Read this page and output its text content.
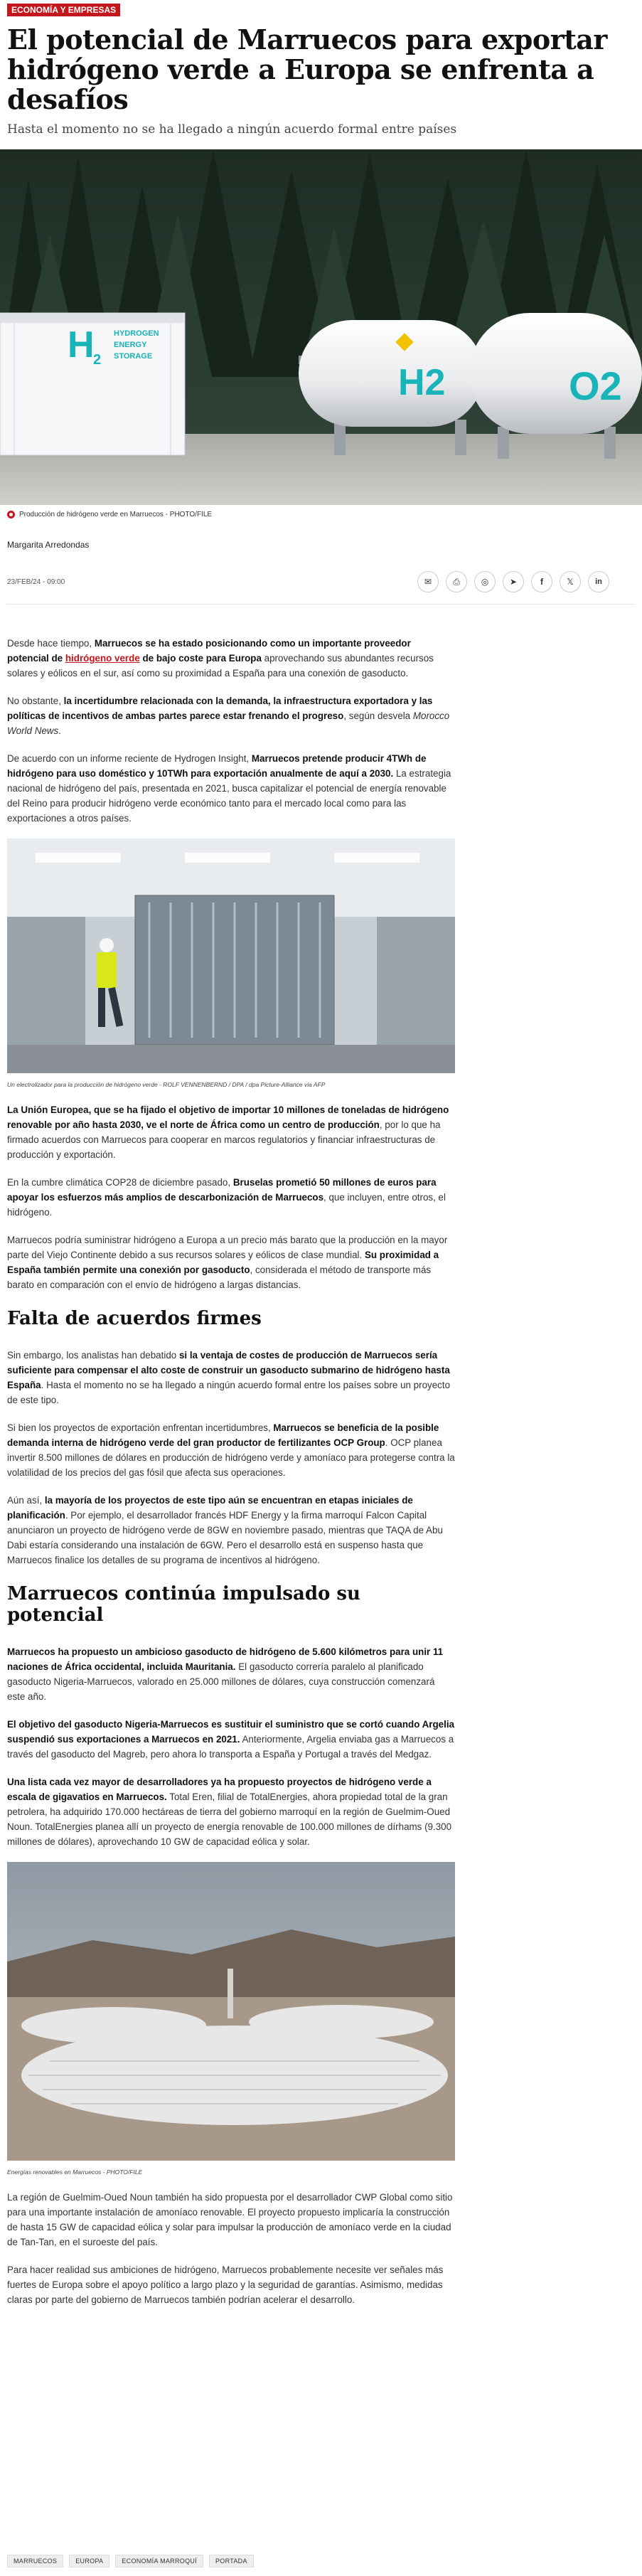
ECONOMÍA Y EMPRESAS
El potencial de Marruecos para exportar hidrógeno verde a Europa se enfrenta a desafíos

Hasta el momento no se ha llegado a ningún acuerdo formal entre países

H
2
HYDROGEN
ENERGY
STORAGE
H2	O2
Producción de hidrógeno verde en Marruecos - PHOTO/FILE
Margarita Arredondas
23/FEB/24 - 09:00	✉	⎙	◎	➤	f	𝕏	in

Desde hace tiempo, Marruecos se ha estado posicionando como un importante proveedor potencial de hidrógeno verde de bajo coste para Europa aprovechando sus abundantes recursos solares y eólicos en el sur, así como su proximidad a España para una conexión de gasoducto.

No obstante, la incertidumbre relacionada con la demanda, la infraestructura exportadora y las políticas de incentivos de ambas partes parece estar frenando el progreso, según desvela Morocco World News.

De acuerdo con un informe reciente de Hydrogen Insight, Marruecos pretende producir 4TWh de hidrógeno para uso doméstico y 10TWh para exportación anualmente de aquí a 2030. La estrategia nacional de hidrógeno del país, presentada en 2021, busca capitalizar el potencial de energía renovable del Reino para producir hidrógeno verde económico tanto para el mercado local como para las exportaciones a otros países.

Un electrolizador para la producción de hidrógeno verde - ROLF VENNENBERND / DPA / dpa Picture-Alliance via AFP

La Unión Europea, que se ha fijado el objetivo de importar 10 millones de toneladas de hidrógeno renovable por año hasta 2030, ve el norte de África como un centro de producción, por lo que ha firmado acuerdos con Marruecos para cooperar en marcos regulatorios y financiar infraestructuras de producción y exportación.

En la cumbre climática COP28 de diciembre pasado, Bruselas prometió 50 millones de euros para apoyar los esfuerzos más amplios de descarbonización de Marruecos, que incluyen, entre otros, el hidrógeno.

Marruecos podría suministrar hidrógeno a Europa a un precio más barato que la producción en la mayor parte del Viejo Continente debido a sus recursos solares y eólicos de clase mundial. Su proximidad a España también permite una conexión por gasoducto, considerada el método de transporte más barato en comparación con el envío de hidrógeno a largas distancias.

Falta de acuerdos firmes

Sin embargo, los analistas han debatido si la ventaja de costes de producción de Marruecos sería suficiente para compensar el alto coste de construir un gasoducto submarino de hidrógeno hasta España. Hasta el momento no se ha llegado a ningún acuerdo formal entre los países sobre un proyecto de este tipo.

Si bien los proyectos de exportación enfrentan incertidumbres, Marruecos se beneficia de la posible demanda interna de hidrógeno verde del gran productor de fertilizantes OCP Group. OCP planea invertir 8.500 millones de dólares en producción de hidrógeno verde y amoníaco para protegerse contra la volatilidad de los precios del gas fósil que afecta sus operaciones.

Aún así, la mayoría de los proyectos de este tipo aún se encuentran en etapas iniciales de planificación. Por ejemplo, el desarrollador francés HDF Energy y la firma marroquí Falcon Capital anunciaron un proyecto de hidrógeno verde de 8GW en noviembre pasado, mientras que TAQA de Abu Dabi estaría considerando una instalación de 6GW. Pero el desarrollo está en suspenso hasta que Marruecos finalice los detalles de su programa de incentivos al hidrógeno.

Marruecos continúa impulsado su potencial

Marruecos ha propuesto un ambicioso gasoducto de hidrógeno de 5.600 kilómetros para unir 11 naciones de África occidental, incluida Mauritania. El gasoducto correría paralelo al planificado gasoducto Nigeria-Marruecos, valorado en 25.000 millones de dólares, cuya construcción comenzará este año.

El objetivo del gasoducto Nigeria-Marruecos es sustituir el suministro que se cortó cuando Argelia suspendió sus exportaciones a Marruecos en 2021. Anteriormente, Argelia enviaba gas a Marruecos a través del gasoducto del Magreb, pero ahora lo transporta a España y Portugal a través del Medgaz.

Una lista cada vez mayor de desarrolladores ya ha propuesto proyectos de hidrógeno verde a escala de gigavatios en Marruecos. Total Eren, filial de TotalEnergies, ahora propiedad total de la gran petrolera, ha adquirido 170.000 hectáreas de tierra del gobierno marroquí en la región de Guelmim-Oued Noun. TotalEnergies planea allí un proyecto de energía renovable de 100.000 millones de dírhams (9.300 millones de dólares), aprovechando 10 GW de capacidad eólica y solar.

Energías renovables en Marruecos - PHOTO/FILE

La región de Guelmim-Oued Noun también ha sido propuesta por el desarrollador CWP Global como sitio para una importante instalación de amoníaco renovable. El proyecto propuesto implicaría la construcción de hasta 15 GW de capacidad eólica y solar para impulsar la producción de amoníaco verde en la ciudad de Tan-Tan, en el suroeste del país.

Para hacer realidad sus ambiciones de hidrógeno, Marruecos probablemente necesite ver señales más fuertes de Europa sobre el apoyo político a largo plazo y la seguridad de garantías. Asimismo, medidas claras por parte del gobierno de Marruecos también podrían acelerar el desarrollo.

MARRUECOS	EUROPA	ECONOMÍA MARROQUÍ	PORTADA
